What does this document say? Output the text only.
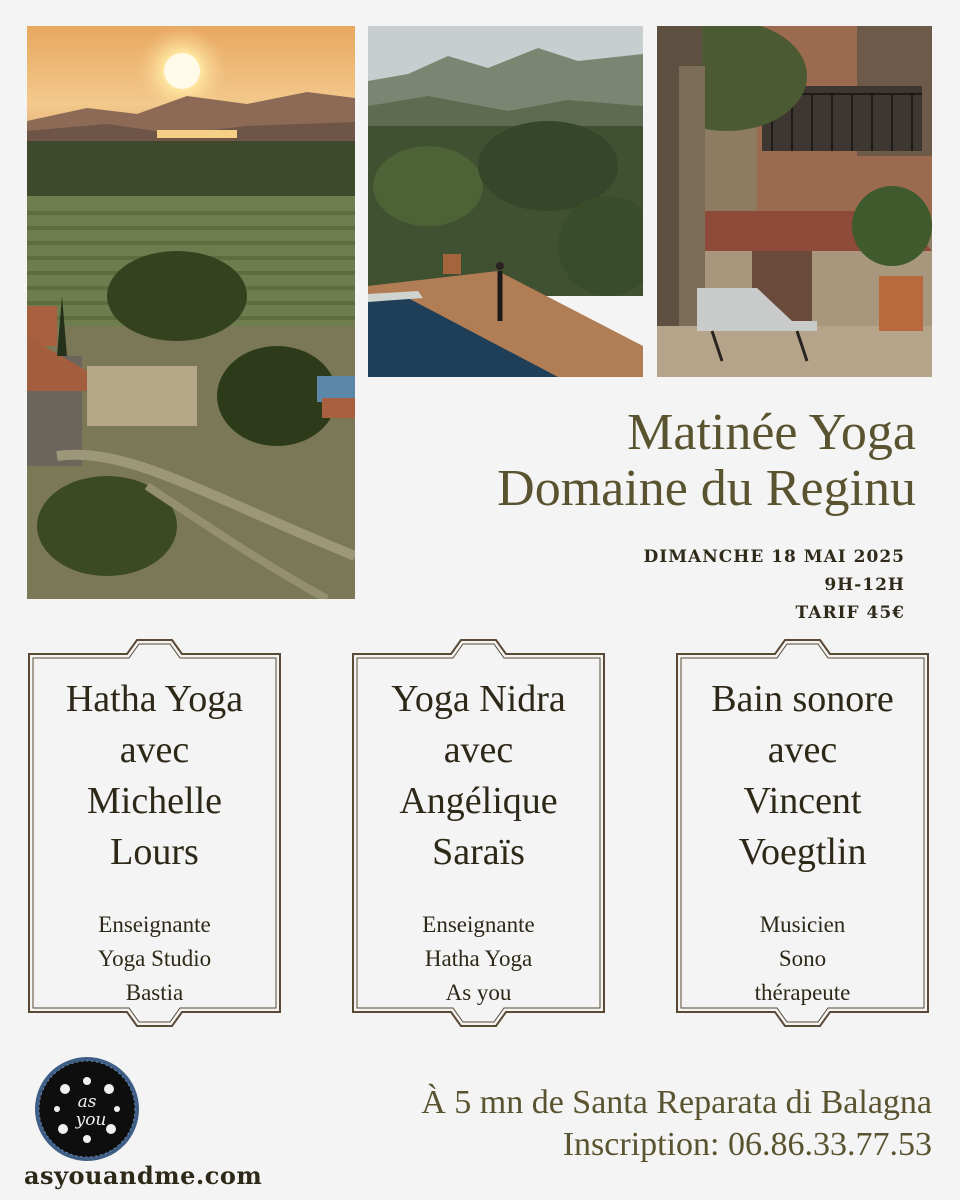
Matinée Yoga
Domaine du Reginu
DIMANCHE 18 MAI 2025
9H-12H
TARIF 45€
Hatha Yoga
avec
Michelle
Lours
Enseignante
Yoga Studio
Bastia
Yoga Nidra
avec
Angélique
Saraïs
Enseignante
Hatha Yoga
As you
Bain sonore
avec
Vincent
Voegtlin
Musicien
Sono
thérapeute
as
you	À 5 mn de Santa Reparata di Balagna
Inscription: 06.86.33.77.53
asyouandme.com
